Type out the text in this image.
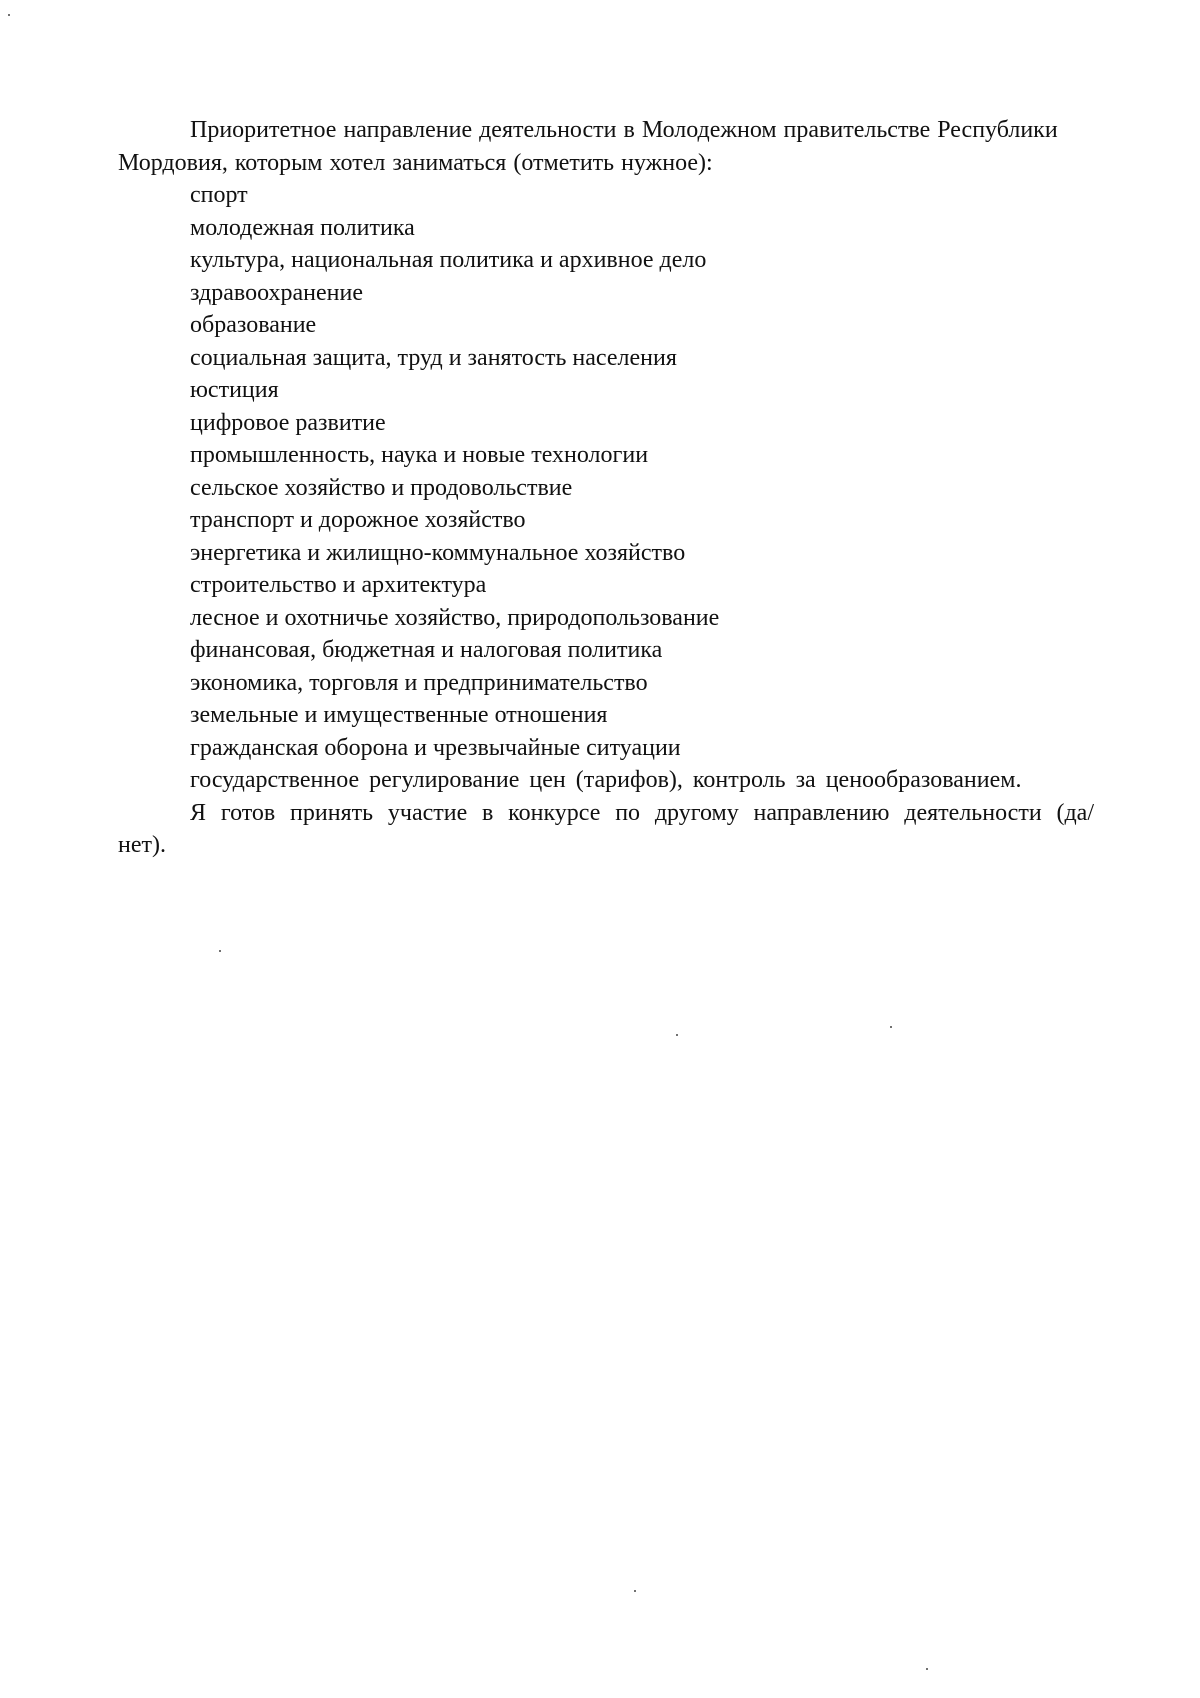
Приоритетное направление деятельности в Молодежном правительстве Республики Мордовия, которым хотел заниматься (отметить нужное):

спорт
молодежная политика
культура, национальная политика и архивное дело
здравоохранение
образование
социальная защита, труд и занятость населения
юстиция
цифровое развитие
промышленность, наука и новые технологии
сельское хозяйство и продовольствие
транспорт и дорожное хозяйство
энергетика и жилищно-коммунальное хозяйство
строительство и архитектура
лесное и охотничье хозяйство, природопользование
финансовая, бюджетная и налоговая политика
экономика, торговля и предпринимательство
земельные и имущественные отношения
гражданская оборона и чрезвычайные ситуации
государственное регулирование цен (тарифов), контроль за ценообразованием.

Я готов принять участие в конкурсе по другому направлению деятельности (да/нет).
